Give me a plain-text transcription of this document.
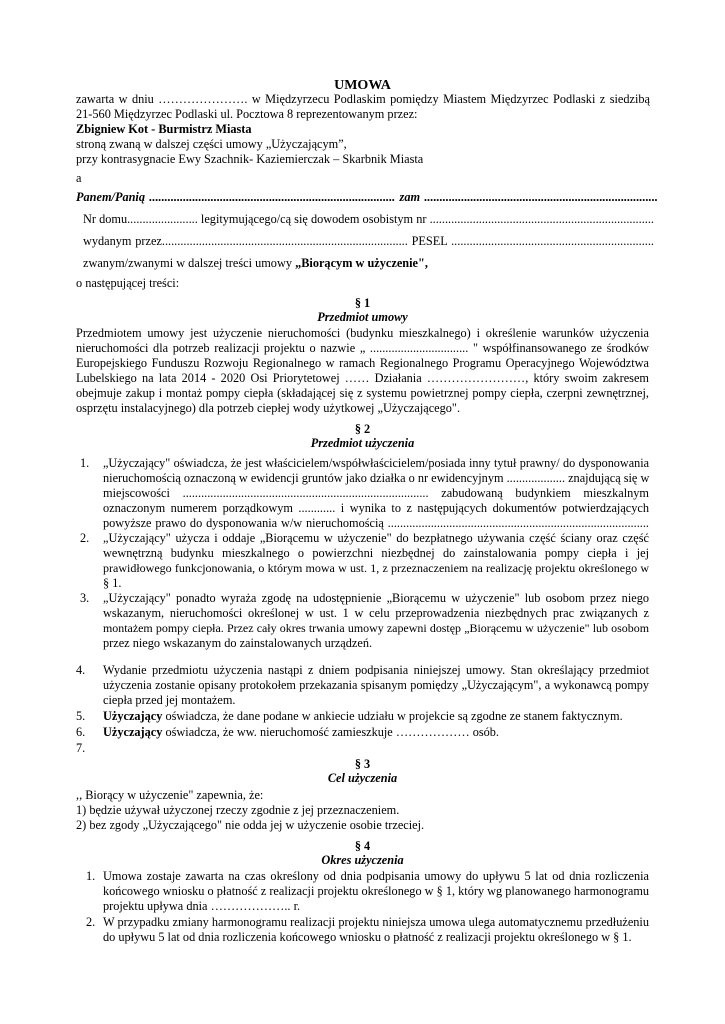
UMOWA
zawarta w dniu …………………. w Międzyrzecu Podlaskim pomiędzy Miastem Międzyrzec Podlaski z siedzibą
21-560 Międzyrzec Podlaski ul. Pocztowa 8 reprezentowanym przez:
Zbigniew Kot - Burmistrz Miasta
stroną zwaną w dalszej części umowy „Użyczającym”,
przy kontrasygnacie Ewy Szachnik- Kaziemierczak – Skarbnik Miasta
a
Panem/Panią ................................................................................ zam ............................................................................
Nr domu....................... legitymującego/cą się dowodem osobistym nr .........................................................................
wydanym przez................................................................................ PESEL ..................................................................
zwanym/zwanymi w dalszej treści umowy „Biorącym w użyczenie",
o następującej treści:
§ 1
Przedmiot umowy
Przedmiotem umowy jest użyczenie nieruchomości (budynku mieszkalnego) i określenie warunków użyczenia
nieruchomości dla potrzeb realizacji projektu o nazwie „ ................................ " współfinansowanego ze środków
Europejskiego Funduszu Rozwoju Regionalnego w ramach Regionalnego Programu Operacyjnego Województwa
Lubelskiego na lata 2014 - 2020 Osi Priorytetowej …… Działania ……………………, który swoim zakresem
obejmuje zakup i montaż pompy ciepła (składającej się z systemu powietrznej pompy ciepła, czerpni zewnętrznej,
osprzętu instalacyjnego) dla potrzeb ciepłej wody użytkowej „Użyczającego".
§ 2
Przedmiot użyczenia
1. „Użyczający" oświadcza, że jest właścicielem/współwłaścicielem/posiada inny tytuł prawny/ do dysponowania
nieruchomością oznaczoną w ewidencji gruntów jako działka o nr ewidencyjnym ................... znajdującą się w
miejscowości ................................................................................ zabudowaną budynkiem mieszkalnym
oznaczonym numerem porządkowym ............ i wynika to z następujących dokumentów potwierdzających
powyższe prawo do dysponowania w/w nieruchomością .....................................................................................
2. „Użyczający" użycza i oddaje „Biorącemu w użyczenie" do bezpłatnego używania część ściany oraz część
wewnętrzną budynku mieszkalnego o powierzchni niezbędnej do zainstalowania pompy ciepła i jej
prawidłowego funkcjonowania, o którym mowa w ust. 1, z przeznaczeniem na realizację projektu określonego w
§ 1.
3. „Użyczający" ponadto wyraża zgodę na udostępnienie „Biorącemu w użyczenie" lub osobom przez niego
wskazanym, nieruchomości określonej w ust. 1 w celu przeprowadzenia niezbędnych prac związanych z
montażem pompy ciepła. Przez cały okres trwania umowy zapewni dostęp „Biorącemu w użyczenie" lub osobom
przez niego wskazanym do zainstalowanych urządzeń.
4. Wydanie przedmiotu użyczenia nastąpi z dniem podpisania niniejszej umowy. Stan określający przedmiot
użyczenia zostanie opisany protokołem przekazania spisanym pomiędzy „Użyczającym", a wykonawcą pompy
ciepła przed jej montażem.
5. Użyczający oświadcza, że dane podane w ankiecie udziału w projekcie są zgodne ze stanem faktycznym.
6. Użyczający oświadcza, że ww. nieruchomość zamieszkuje ……………… osób.
7.
§ 3
Cel użyczenia
,, Biorący w użyczenie" zapewnia, że:
1) będzie używał użyczonej rzeczy zgodnie z jej przeznaczeniem.
2) bez zgody „Użyczającego" nie odda jej w użyczenie osobie trzeciej.
§ 4
Okres użyczenia
1. Umowa zostaje zawarta na czas określony od dnia podpisania umowy do upływu 5 lat od dnia rozliczenia
końcowego wniosku o płatność z realizacji projektu określonego w § 1, który wg planowanego harmonogramu
projektu upływa dnia ……………….. r.
2. W przypadku zmiany harmonogramu realizacji projektu niniejsza umowa ulega automatycznemu przedłużeniu
do upływu 5 lat od dnia rozliczenia końcowego wniosku o płatność z realizacji projektu określonego w § 1.
